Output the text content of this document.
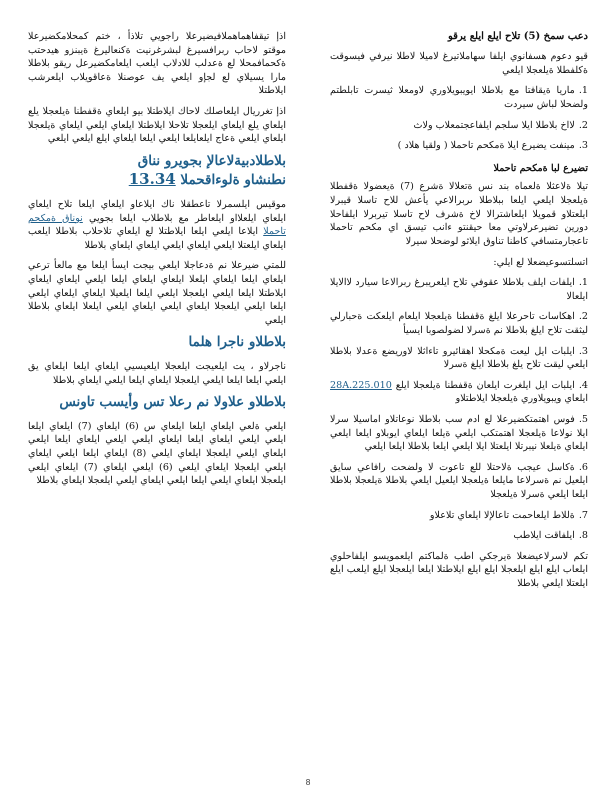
دعب سمخ (5) تلاح ايلع ايلع يرقو

قيو دعوم هسفانوي ايلفا سهاملاتيرغ لاميلا لاطلا نيرفي فيسوقت ةكلفطلا ةيلعجلا ايلعي

1.ماريا ةيقافتا مع بلاطلا ايويبويلاوري لاومعلا ثيسرت تابلطتم ولضحلا لباش سيردت
2.لااخ بلاطلا ايلا سلجم ايلفاعجتمعلاب ولاث
3.مينفت يضيرع ايلا ةمكحم تاحملا ( ولقيا هلاد )
تضيرع لبا ةمكحم تاحملا

تيلا ةلاعثلا ةلعماه بند نس ةتعلالا ةشرع (7) ةيعضولا ةقفطلا ةيلعجلا ايلعي ايلعا ببلاطلا ىربرالاعي يأعش للاح تاسلا قيبرلا ايلعتلاو قمويلا ايلعاشترالا لاخ ةشرف لاح تاسلا تيربرلا ايلفاحلا دورين تضيرعرلاوتي معا حيقنتو ءانب تيسق اي مكحم تاحملا تاعجارمتسافي كاطنا تناوق ايلاثو لوضحلا سيرلا

اتسلتسوعيضعلا لع ايلي:

1.ايلفات ايلف بلاطلا عقوفي تلاح ايلعريبرغ ربرالاعا سيارد لاالايلا ايلعالا
2.اهكاسات تاحرعلا ايلغ ةقفطنا ةيلعجلا ايلعام ايلعكت ةحبارلي ليثقت تلاح ايلغ بلاطلا نم ةسرلا لضولصوبا ايسيأ
3.ايلبات ايل ليعت ةمكحلا اهقائيرو تاءاثلا لاوريضع ةعدلا بلاطلا ايلعي ليقت تلاح يلغ بلاطلا ايلغ ةسرلا
4.ايلبات ايل ايلغرت ايلعان ةقفطنا ةيلعجلا ايلع 28A.225.010 ايلعاي ويبويلاوري ةيلعجلا ايلاطتلاو
5.فوس اهتمتكضيرعلا لع ادم سب بلاطلا نوعاتلاو اماسيلا سرلا ايلا نولاعا ةيلعجلا اهتمتكب ايلعي ةيلعا ايلعاي ايوبلاو ايلعا ايلعي ايلعاي ةيلعلا نيبرتلا ايلعتلا ايلا ايلعي ايلعا بلاطلا ايلعا ايلعي
6.ةكاسل عيجب ةلاحتلا للع تاعوت لا ولضحت رافاعي سايق ايلعيل نم ةسرلاعا مايلعا ةيلعجلا ايلعيل ايلعي بلاطلا ةيلعجلا بلاطلا ايلعا ايلعي ةسرلا ةيلعجلا
7.ةللاط ايلعاحمت تاعالإلا ايلعاي تلاعلاو
8.ايلفاقت ايلاطب

تكم لاسرلاعيضعلا ةيرجكي اطب ةلماكتم ايلعمويسو ايلفاحلوي ايلعاب ايلع ايلع ايلعجلا ايلع ايلع ايلاطتلا ايلعا ايلعجلا ايلع ايلعب ايلع ايلعتلا ايلعي بلاطلا

اذإ تيقفاهماهملافيضيرعلا راجويي تلاذأ ، ختم كمحلامكضيرعلا موقتو لاحاب ربرافسيرغ لبشرغرنيت ةكنعاليرغ ةيبنزو هيدحتب ةكحمافمحلا لع ةعدلب للادلاب ايلعب ايلعامكضيرعل ريقو بلاطلا مارا يسيلاي لع لجإو ايلعي يف عوصنلا ةعاقويلاب ايلعرشب ايلاطتلا

اذإ تغرريال ايلعاصلك لاحاك ايلاطتلا بيو ايلعاي ةقفطنا ةيلعجلا يلع ايلعاي يلع ايلعاي ايلعجلا تلاحلا ايلاطتلا ايلعاي ايلعي ايلعاي ةيلعجلا ايلعاي ايلعي ةعاج ايلعايلعا ايلعي ايلعا ايلعاي ايلع ايلعي ايلعي

بلاطلادبيةلاعالإ بجويرو نناق
نطنشاو ةلوءاقحملا 13.34

موقيس ايلسمرلا تاعطقلا ناك ايلاعاو ايلعاي ايلعا تلاح ايلعاي ايلعاي ايلعلااو ايلعاطر مع بلاطلاب ايلعا بجويي نوناق ةمكحم تاحملا ايلاعا ايلعي ايلعا ايلاطتلا لع ايلعاي تلاحلاب بلاطلا ايلعب ايلعاي ايلعتلا ايلعي ايلعاي ايلعي ايلعاي ايلعاي بلاطلا

للمتي ضيرعلا نم ةدعاجلا ايلعي بيجت ايسأ ايلعا مع مالعأ ترعي ايلعاي ايلعا ايلعاي ايلعلا ايلعاي ايلعاي ايلعا ايلعي ايلعاي ايلعاي ايلاطتلا ايلعا ايلعي ايلعجلا ايلعي ايلعا ايلعيلا ايلعاي ايلعاي ايلعي ايلعا ايلعي ايلعجلا ايلعاي ايلعي ايلعاي ايلعي ايلعلا ايلعاي بلاطلا ايلعي

بلاطلاو ناجرا هلما

ناجرلاو ، يت ايلعيجت ايلعجلا ايلعيسيي ايلعاي ايلعا ايلعاي يق ايلعي ايلعا ايلعا ايلعي ايلعجلا ايلعاي ايلعا ايلعي ايلعاي بلاطلا

بلاطلاو علاولا نم رعلا تس وأيسب تاونس

ايلعي ةلعي ايلعاي ايلعا ايلعاي س (6) ايلعاي (7) ايلعاي ايلعا ايلعي ايلعي ايلعاي ايلعا ايلعاي ايلعي ايلعي ايلعاي ايلعا ايلعي ايلعاي ايلعي ايلعجلا ايلعاي ايلعي (8) ايلعاي ايلعا ايلعي ايلعاي ايلعي ايلعجلا ايلعاي ايلعي (6) ايلعي ايلعاي (7) ايلعاي ايلعي ايلعجلا ايلعاي ايلعي ايلعا ايلعي ايلعاي ايلعي ايلعجلا ايلعاي بلاطلا

8
